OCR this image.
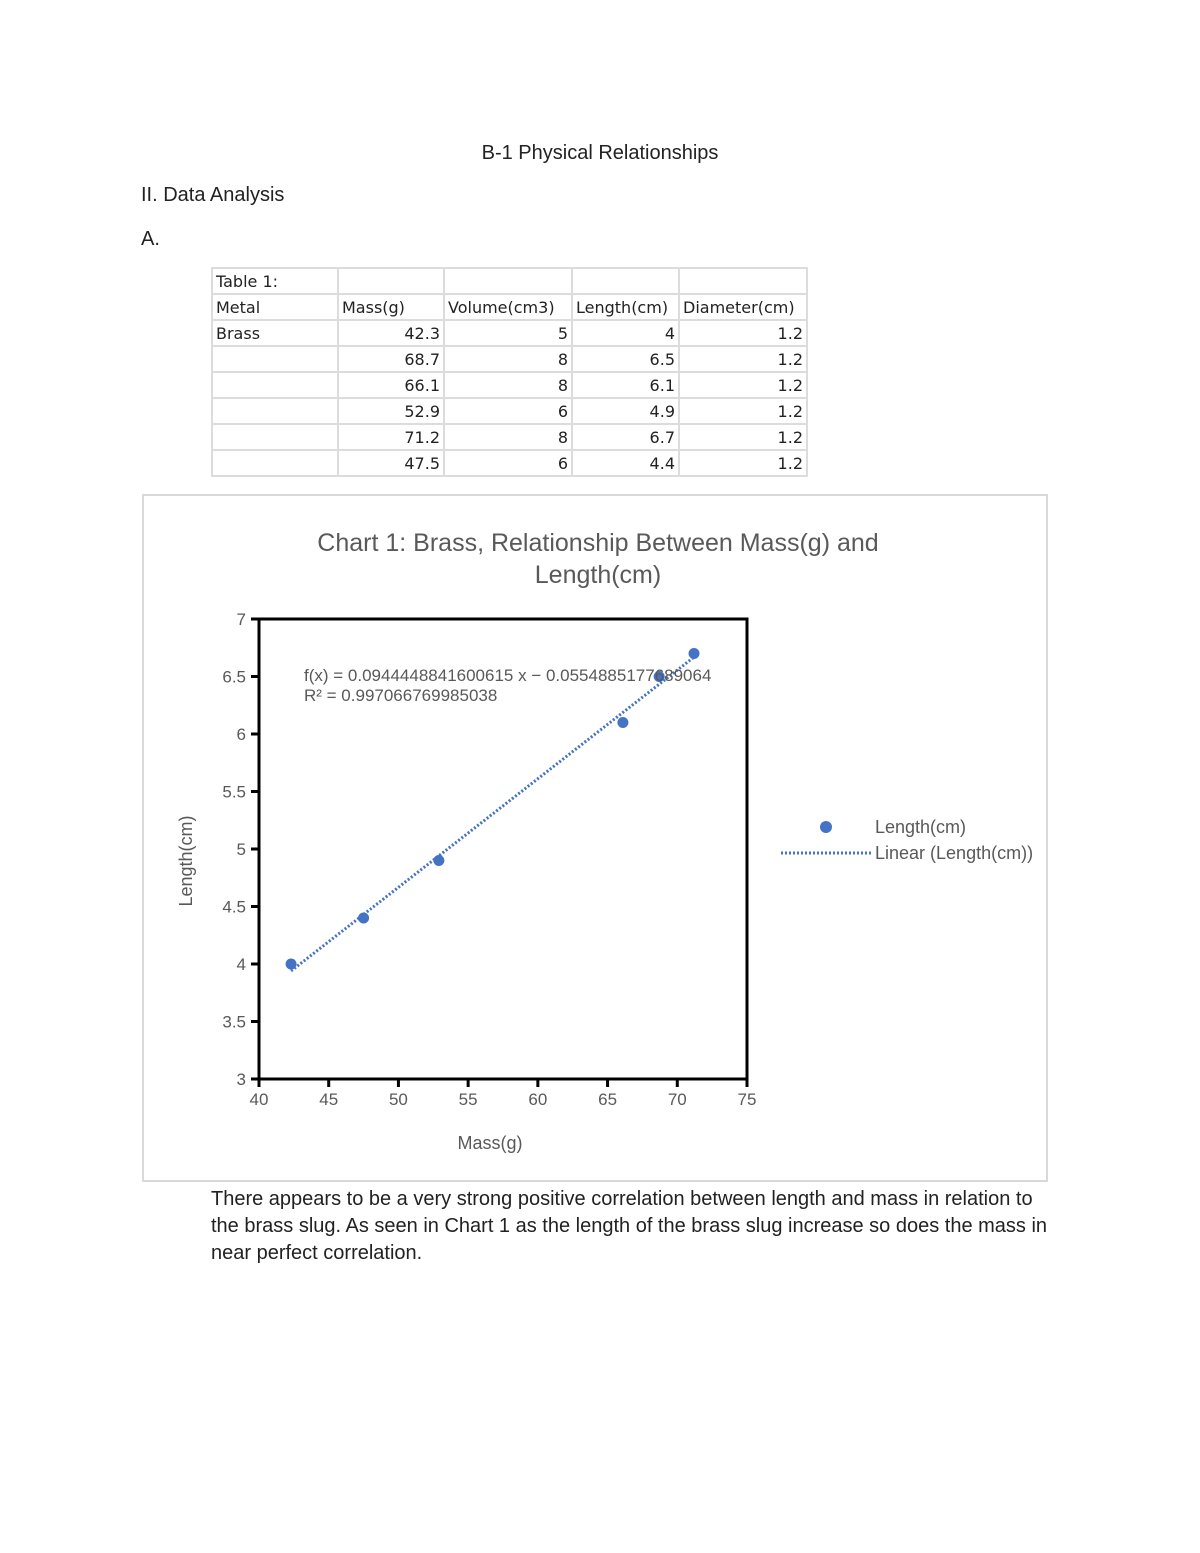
B-1 Physical Relationships
II. Data Analysis
A.
Table 1:				
Metal	Mass(g)	Volume(cm3)	Length(cm)	Diameter(cm)
Brass	42.3	5	4	1.2
	68.7	8	6.5	1.2
	66.1	8	6.1	1.2
	52.9	6	4.9	1.2
	71.2	8	6.7	1.2
	47.5	6	4.4	1.2
Chart 1: Brass, Relationship Between Mass(g) and
Length(cm)
3
3.5
4
4.5
5
5.5
6
6.5
7
40	45	50	55	60	65	70	75
f(x) = 0.0944448841600615 x − 0.0554885177689064
R² = 0.997066769985038
Mass(g)
Length(cm)	Length(cm)
Linear (Length(cm))
There appears to be a very strong positive correlation between length and mass in relation to the brass slug. As seen in Chart 1 as the length of the brass slug increase so does the mass in near perfect correlation.
